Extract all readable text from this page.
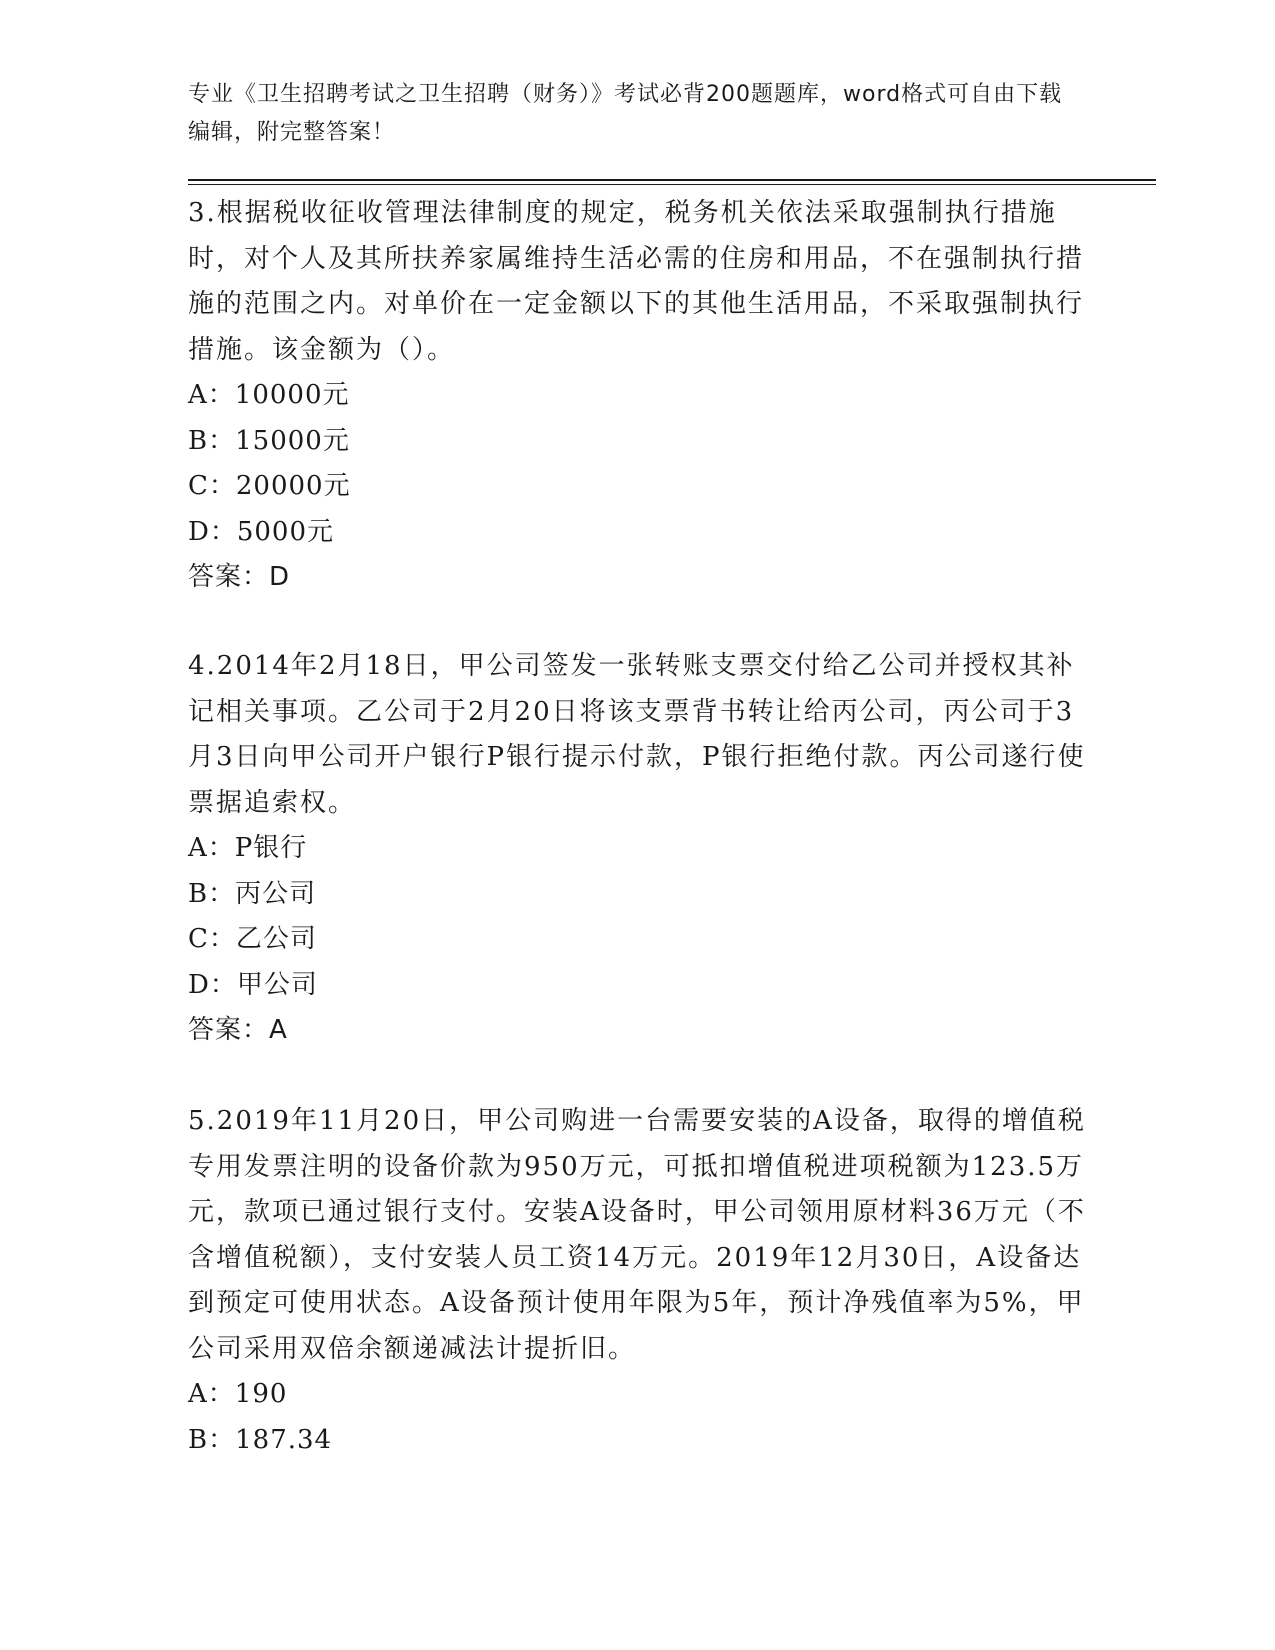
专业《卫生招聘考试之卫生招聘（财务）》考试必背200题题库，word格式可自由下载编辑，附完整答案！

3.根据税收征收管理法律制度的规定，税务机关依法采取强制执行措施时，对个人及其所扶养家属维持生活必需的住房和用品，不在强制执行措施的范围之内。对单价在一定金额以下的其他生活用品，不采取强制执行措施。该金额为（）。

A：10000元

B：15000元

C：20000元

D：5000元

答案：D

4.2014年2月18日，甲公司签发一张转账支票交付给乙公司并授权其补记相关事项。乙公司于2月20日将该支票背书转让给丙公司，丙公司于3月3日向甲公司开户银行P银行提示付款，P银行拒绝付款。丙公司遂行使票据追索权。

A：P银行

B：丙公司

C：乙公司

D：甲公司

答案：A

5.2019年11月20日，甲公司购进一台需要安装的A设备，取得的增值税专用发票注明的设备价款为950万元，可抵扣增值税进项税额为123.5万元，款项已通过银行支付。安装A设备时，甲公司领用原材料36万元（不含增值税额），支付安装人员工资14万元。2019年12月30日，A设备达到预定可使用状态。A设备预计使用年限为5年，预计净残值率为5%，甲公司采用双倍余额递减法计提折旧。

A：190

B：187.34
